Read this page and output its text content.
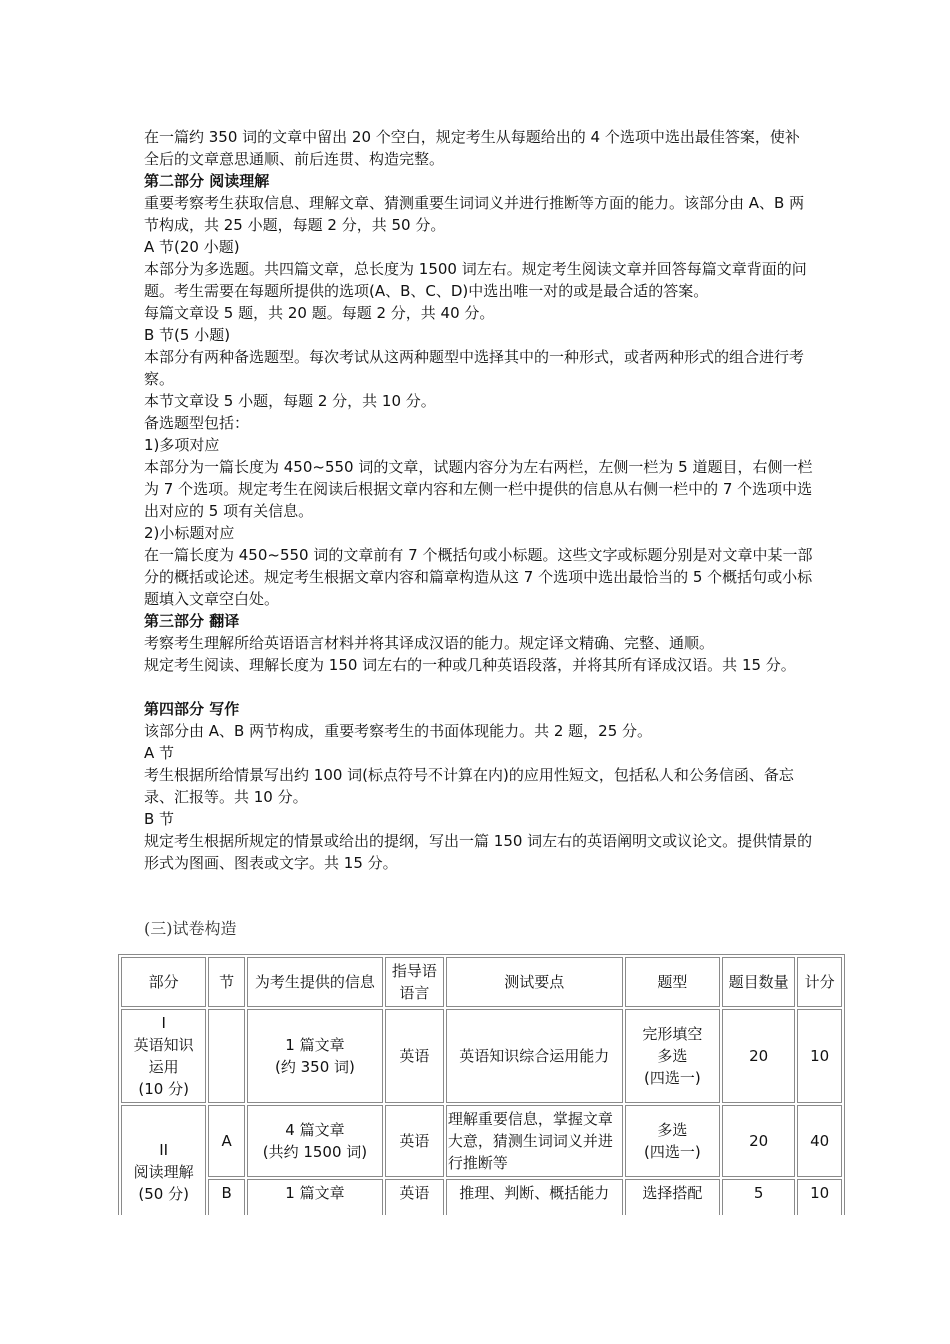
在一篇约 350 词的文章中留出 20 个空白，规定考生从每题给出的 4 个选项中选出最佳答案，使补全后的文章意思通顺、前后连贯、构造完整。

第二部分 阅读理解

重要考察考生获取信息、理解文章、猜测重要生词词义并进行推断等方面的能力。该部分由 A、B 两节构成，共 25 小题，每题 2 分，共 50 分。

A 节(20 小题)

本部分为多选题。共四篇文章，总长度为 1500 词左右。规定考生阅读文章并回答每篇文章背面的问题。考生需要在每题所提供的选项(A、B、C、D)中选出唯一对的或是最合适的答案。

每篇文章设 5 题，共 20 题。每题 2 分，共 40 分。

B 节(5 小题)

本部分有两种备选题型。每次考试从这两种题型中选择其中的一种形式，或者两种形式的组合进行考察。

本节文章设 5 小题，每题 2 分，共 10 分。

备选题型包括：

1)多项对应

本部分为一篇长度为 450~550 词的文章，试题内容分为左右两栏，左侧一栏为 5 道题目，右侧一栏为 7 个选项。规定考生在阅读后根据文章内容和左侧一栏中提供的信息从右侧一栏中的 7 个选项中选出对应的 5 项有关信息。

2)小标题对应

在一篇长度为 450~550 词的文章前有 7 个概括句或小标题。这些文字或标题分别是对文章中某一部分的概括或论述。规定考生根据文章内容和篇章构造从这 7 个选项中选出最恰当的 5 个概括句或小标题填入文章空白处。

第三部分 翻译

考察考生理解所给英语语言材料并将其译成汉语的能力。规定译文精确、完整、通顺。

规定考生阅读、理解长度为 150 词左右的一种或几种英语段落，并将其所有译成汉语。共 15 分。

第四部分 写作

该部分由 A、B 两节构成，重要考察考生的书面体现能力。共 2 题，25 分。

A 节

考生根据所给情景写出约 100 词(标点符号不计算在内)的应用性短文，包括私人和公务信函、备忘录、汇报等。共 10 分。

B 节

规定考生根据所规定的情景或给出的提纲，写出一篇 150 词左右的英语阐明文或议论文。提供情景的形式为图画、图表或文字。共 15 分。

(三)试卷构造
部分	节	为考生提供的信息	指导语语言	测试要点	题型	题目数量	计分

I
英语知识
运用
(10 分)		1 篇文章
(约 350 词)	英语	英语知识综合运用能力	完形填空
多选
(四选一)	20	10

II
阅读理解
(50 分)	A	4 篇文章
(共约 1500 词)	英语	理解重要信息，掌握文章大意，猜测生词词义并进行推断等	多选
(四选一)	20	40
	B	1 篇文章	英语	推理、判断、概括能力	选择搭配	5	10
